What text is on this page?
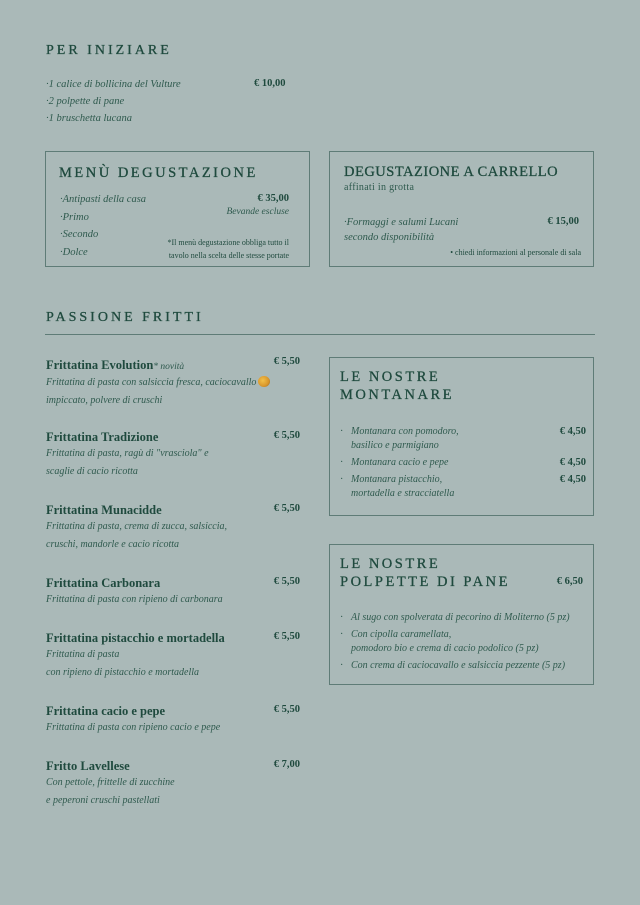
PER INIZIARE
·1 calice di bollicina del Vulture
·2 polpette di pane
·1 bruschetta lucana
€ 10,00
MENÙ DEGUSTAZIONE
·Antipasti della casa
·Primo
·Secondo
·Dolce
€ 35,00
Bevande escluse
*Il menù degustazione obbliga tutto il
tavolo nella scelta delle stesse portate
DEGUSTAZIONE A CARRELLO
affinati in grotta
·Formaggi e salumi Lucani
secondo disponibilità
€ 15,00
• chiedi informazioni al personale di sala
PASSIONE FRITTI
Frittatina Evolution* novità	€ 5,50
Frittatina di pasta con salsiccia fresca, caciocavallo
impiccato, polvere di cruschi
Frittatina Tradizione	€ 5,50
Frittatina di pasta, ragù di "vrasciola" e
scaglie di cacio ricotta
Frittatina Munacidde	€ 5,50
Frittatina di pasta, crema di zucca, salsiccia,
cruschi, mandorle e cacio ricotta
Frittatina Carbonara	€ 5,50
Frittatina di pasta con ripieno di carbonara
Frittatina pistacchio e mortadella	€ 5,50
Frittatina di pasta
con ripieno di pistacchio e mortadella
Frittatina cacio e pepe	€ 5,50
Frittatina di pasta con ripieno cacio e pepe
Fritto Lavellese	€ 7,00
Con pettole, frittelle di zucchine
e peperoni cruschi pastellati
LE NOSTRE
MONTANARE
· Montanara con pomodoro,
basilico e parmigiano
€ 4,50
· Montanara cacio e pepe	€ 4,50
· Montanara pistacchio,
mortadella e stracciatella
€ 4,50
LE NOSTRE
POLPETTE DI PANE	€ 6,50
· Al sugo con spolverata di pecorino di Moliterno (5 pz)
· Con cipolla caramellata,
pomodoro bio e crema di cacio podolico (5 pz)
· Con crema di caciocavallo e salsiccia pezzente (5 pz)
